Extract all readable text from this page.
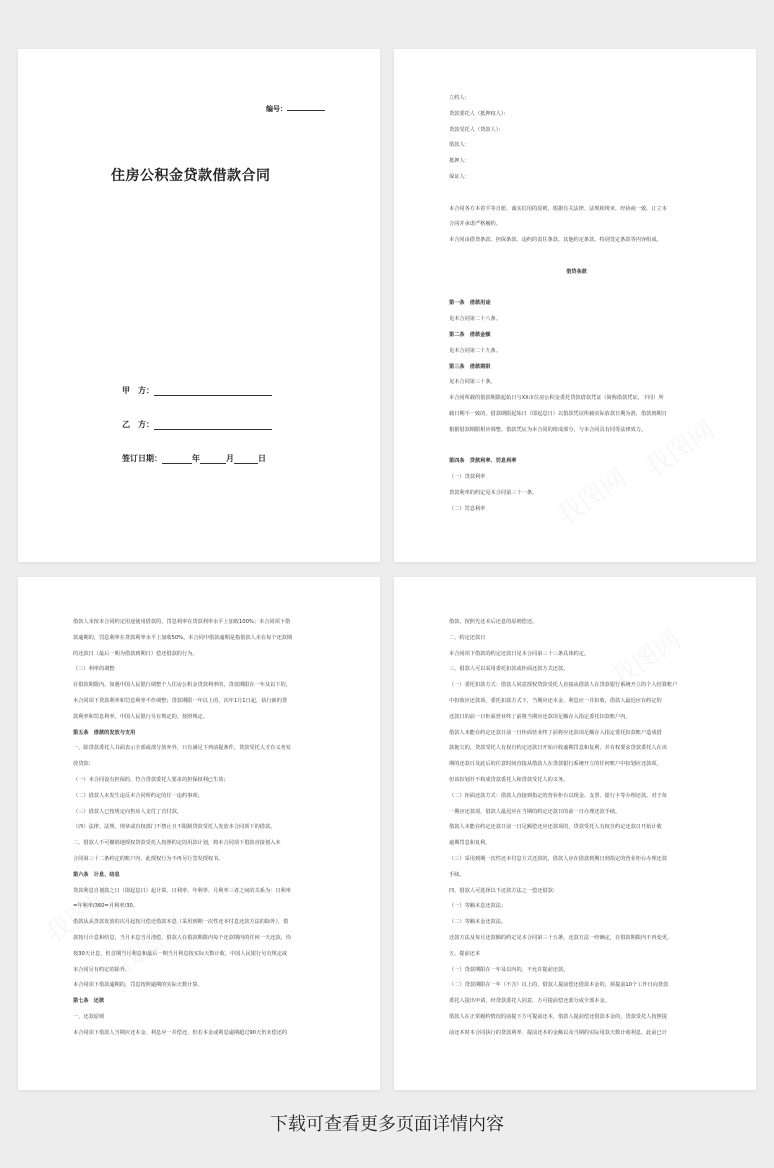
编号：
住房公积金贷款借款合同
甲　方：
乙　方：
签订日期：	年	月	日
立约人：
贷款委托人（抵押权人）：
贷款受托人（贷款人）：
借款人：
抵押人：
保证人：

本合同各方本着平等自愿、诚实信用的原则，根据有关法律、法规和规章，经协商一致，订立本
合同并承诺严格履约。
本合同由借贷条款、担保条款、违约的责任条款、其他约定条款、特别签定条款等内容组成。

借贷条款

第一条　借款用途
见本合同第二十八条。
第二条　借款金额
见本合同第二十九条。
第三条　借款期限
见本合同第三十条。
本合同所载的借款期限起始日与XX市住房公积金委托贷款借款凭证（简称借款凭证，下同）所
载日期不一致的，借款期限起始日（即起息日）以借款凭证所载实际放款日期为准，借款到期日
根据借款期限相应调整。借款凭证为本合同的组成部分，与本合同具有同等法律效力。

第四条　贷款利率、罚息利率
（一）贷款利率
贷款利率的约定见本合同第三十一条。
（二）罚息利率
借款人未按本合同约定用途使用借款的，罚息利率在贷款利率水平上加收100%；本合同项下借
款逾期的，罚息利率在贷款利率水平上加收50%。本合同中借款逾期是指借款人未在每个还款期
的还款日（最后一期为借款到期日）偿还借款的行为。
（三）利率的调整
在借款期限内，如遇中国人民银行调整个人住房公积金贷款利率的，贷款期限在一年及以下的，
本合同项下贷款利率和罚息利率不作调整；贷款期限一年以上的，次年1月1日起，执行新的贷
款利率和罚息利率。中国人民银行另有规定的，按照规定。
第五条　借款的发放与支用
一、除贷款委托人书面表示全部或部分放弃外，只有满足下列前提条件，贷款受托人才有义务发
放贷款：
（一）本合同设有担保的，符合贷款委托人要求的担保权利已生效；
（二）借款人未发生违反本合同所约定的任一违约事项；
（三）借款人已按规定向售房人支付了首付款。
（四）法律、法规、规章或有权部门不禁止且不限制贷款受托人发放本合同项下的借款。
二、借款人不可撤销地授权贷款受托人按照约定的用款计划，将本合同项下借款直接划入本
合同第三十二条约定的账户内，此授权行为不再另行签发授权书。
第六条　计息、结息
贷款利息自划款之日（即起息日）起计算。日利率、年利率、月利率三者之间的关系为：日利率
=年利率/360=月利率/30。
借款从从贷款发放的次月起按月偿还借款本息（采用到期一次性还本付息还款方法的除外），借
款按月计息和结息，当月本息当月清偿。借款人在借款期限内每个还款期内的任何一天还款，均
按30天计息，但首期当月利息和最后一期当月利息按实际天数计收。中国人民银行另有规定或
本合同另有约定的除外。
本合同项下借款逾期的，罚息按照逾期的实际天数计算。
第七条　还款
一、还款原则
本合同项下借款人当期应还本金、利息应一并偿还，但若本金或利息逾期超过90天仍未偿还的
借款，按照先还本后还息的原则偿还。
二、约定还款日
本合同项下借款的约定还款日见本合同第三十三条具体约定。
三、借款人可以采用委托扣款或柜面还款方式还款。
（一）委托扣款方式：借款人同意授权贷款受托人直接从借款人在贷款银行系统开立的个人结算账户
中扣收应还款项。委托扣款方式下，当期应还本金、利息应一并扣收，借款人最迟应在约定的
还款日的前一日柜面营业终了前将当期应还款项足额存入指定委托扣款账户内。
借款人未能在约定还款日前一日柜面营业终了前将应还款项足额存入指定委托扣款账户造成借
款拖欠的，贷款受托人有权自约定还款日开始计收逾期罚息和复利，并有权要求贷款委托人在该
期的还款日及此后的任意时间直接从借款人在贷款银行系统开立的任何账户中扣划应还款项，
但该扣划并不构成贷款委托人和贷款受托人的义务。
（二）柜面还款方式：借款人直接到指定的营业柜台以现金、支票、银行卡等办理还款。对于每
一期应还款项，借款人最迟应在当期的约定还款日的前一日办理还款手续。
借款人未能在约定还款日前一日足额偿还应还款项的，贷款受托人有权自约定还款日开始计收
逾期罚息和复利。
（三）采用到期一次性还本付息方式还款的，借款人应在借款到期日到指定的营业柜台办理还款
手续。
四、借款人可选择以下还款方法之一偿还借款：
（一）等额本息还款法；
（二）等额本金还款法。
还款方法及每月还款额的约定见本合同第三十五条，还款方法一经确定，在借款期限内不再变更。
五、提前还本
（一）贷款期限在一年及以内的，不允许提前还款。
（二）贷款期限在一年（不含）以上的，借款人提前偿还借款本金的，须提前10个工作日向贷款
委托人提出申请，经贷款委托人同意，方可提前偿还部分或全部本金。
借款人在正常履约情况的前提下方可提前还本，借款人提前偿还借款本金的，贷款受托人按照提
前还本时本合同执行的贷款利率、提前还本的金额以及当期的实际用款天数计收利息，此前已计
下载可查看更多页面详情内容
